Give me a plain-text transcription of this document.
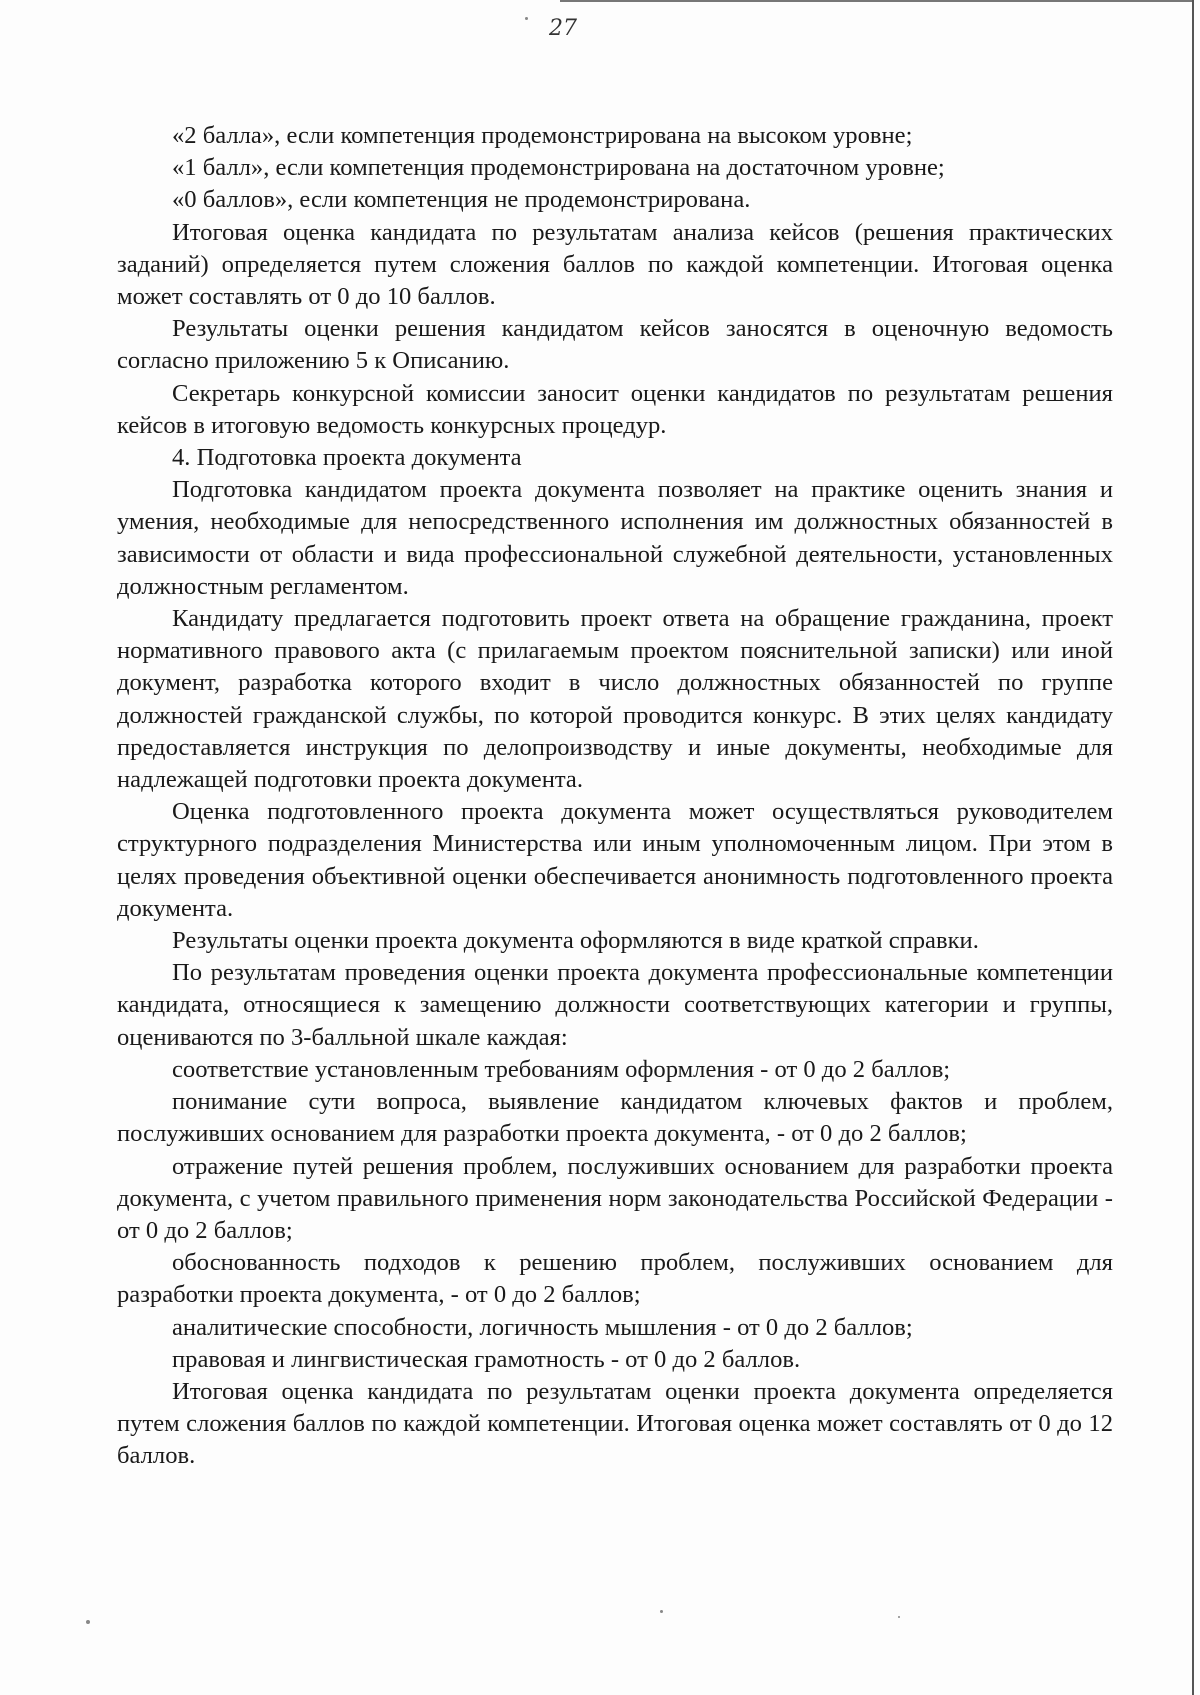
27

«2 балла», если компетенция продемонстрирована на высоком уровне;

«1 балл», если компетенция продемонстрирована на достаточном уровне;

«0 баллов», если компетенция не продемонстрирована.

Итоговая оценка кандидата по результатам анализа кейсов (решения практических заданий) определяется путем сложения баллов по каждой компетенции. Итоговая оценка может составлять от 0 до 10 баллов.

Результаты оценки решения кандидатом кейсов заносятся в оценочную ведомость согласно приложению 5 к Описанию.

Секретарь конкурсной комиссии заносит оценки кандидатов по результатам решения кейсов в итоговую ведомость конкурсных процедур.

4. Подготовка проекта документа

Подготовка кандидатом проекта документа позволяет на практике оценить знания и умения, необходимые для непосредственного исполнения им должностных обязанностей в зависимости от области и вида профессиональной служебной деятельности, установленных должностным регламентом.

Кандидату предлагается подготовить проект ответа на обращение гражданина, проект нормативного правового акта (с прилагаемым проектом пояснительной записки) или иной документ, разработка которого входит в число должностных обязанностей по группе должностей гражданской службы, по которой проводится конкурс. В этих целях кандидату предоставляется инструкция по делопроизводству и иные документы, необходимые для надлежащей подготовки проекта документа.

Оценка подготовленного проекта документа может осуществляться руководителем структурного подразделения Министерства или иным уполномоченным лицом. При этом в целях проведения объективной оценки обеспечивается анонимность подготовленного проекта документа.

Результаты оценки проекта документа оформляются в виде краткой справки.

По результатам проведения оценки проекта документа профессиональные компетенции кандидата, относящиеся к замещению должности соответствующих категории и группы, оцениваются по 3-балльной шкале каждая:

соответствие установленным требованиям оформления - от 0 до 2 баллов;

понимание сути вопроса, выявление кандидатом ключевых фактов и проблем, послуживших основанием для разработки проекта документа, - от 0 до 2 баллов;

отражение путей решения проблем, послуживших основанием для разработки проекта документа, с учетом правильного применения норм законодательства Российской Федерации - от 0 до 2 баллов;

обоснованность подходов к решению проблем, послуживших основанием для разработки проекта документа, - от 0 до 2 баллов;

аналитические способности, логичность мышления - от 0 до 2 баллов;

правовая и лингвистическая грамотность - от 0 до 2 баллов.

Итоговая оценка кандидата по результатам оценки проекта документа определяется путем сложения баллов по каждой компетенции. Итоговая оценка может составлять от 0 до 12 баллов.
